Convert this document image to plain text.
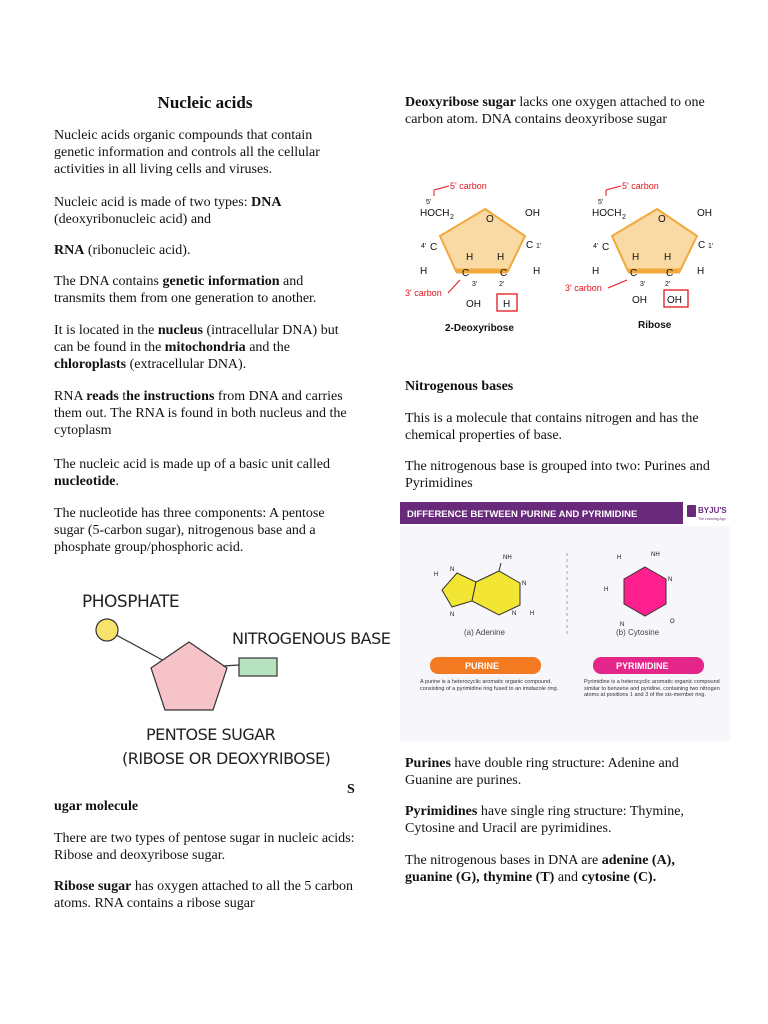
Nucleic acids

Nucleic acids organic compounds that contain genetic information and controls all the cellular activities in all living cells and viruses.

Nucleic acid is made of two types: DNA (deoxyribonucleic acid) and

RNA (ribonucleic acid).

The DNA contains genetic information and transmits them from one generation to another.

It is located in the nucleus (intracellular DNA) but can be found in the mitochondria and the chloroplasts (extracellular DNA).

RNA reads the instructions from DNA and carries them out. The RNA is found in both nucleus and the cytoplasm

The nucleic acid is made up of a basic unit called nucleotide.

The nucleotide has three components: A pentose sugar (5-carbon sugar), nitrogenous base and a phosphate group/phosphoric acid.

PHOSPHATE
NITROGENOUS BASE
PENTOSE SUGAR
(RIBOSE OR DEOXYRIBOSE)
S
ugar molecule

There are two types of pentose sugar in nucleic acids: Ribose and deoxyribose sugar.

Ribose sugar has oxygen attached to all the 5 carbon atoms. RNA contains a ribose sugar

Deoxyribose sugar lacks one oxygen attached to one carbon atom. DNA contains deoxyribose sugar

5' carbon
5'
HOCH 2	O
OH
4' C	C 1'
H	H
H H
C	C
3'	2'
3' carbon
OH H
2-Deoxyribose
5' carbon
5'
HOCH 2	O
OH
4' C	C 1'
H	H
H H
C	C
3'	2'
3' carbon
OH OH
Ribose
Nitrogenous bases

This is a molecule that contains nitrogen and has the chemical properties of base.

The nitrogenous base is grouped into two: Purines and Pyrimidines

DIFFERENCE BETWEEN PURINE AND PYRIMIDINE	BYJU'S
The Learning App
NH
H
N
N
N
N H
(a) Adenine
NH
H
N
N
H
O
(b) Cytosine
PURINE
A purine is a heterocyclic aromatic organic compound, consisting of a pyrimidine ring fused to an imidazole ring.
PYRIMIDINE
Pyrimidine is a heterocyclic aromatic organic compound similar to benzene and pyridine, containing two nitrogen atoms at positions 1 and 3 of the six-member ring.

Purines have double ring structure: Adenine and Guanine are purines.

Pyrimidines have single ring structure: Thymine, Cytosine and Uracil are pyrimidines.

The nitrogenous bases in DNA are adenine (A), guanine (G), thymine (T) and cytosine (C).
